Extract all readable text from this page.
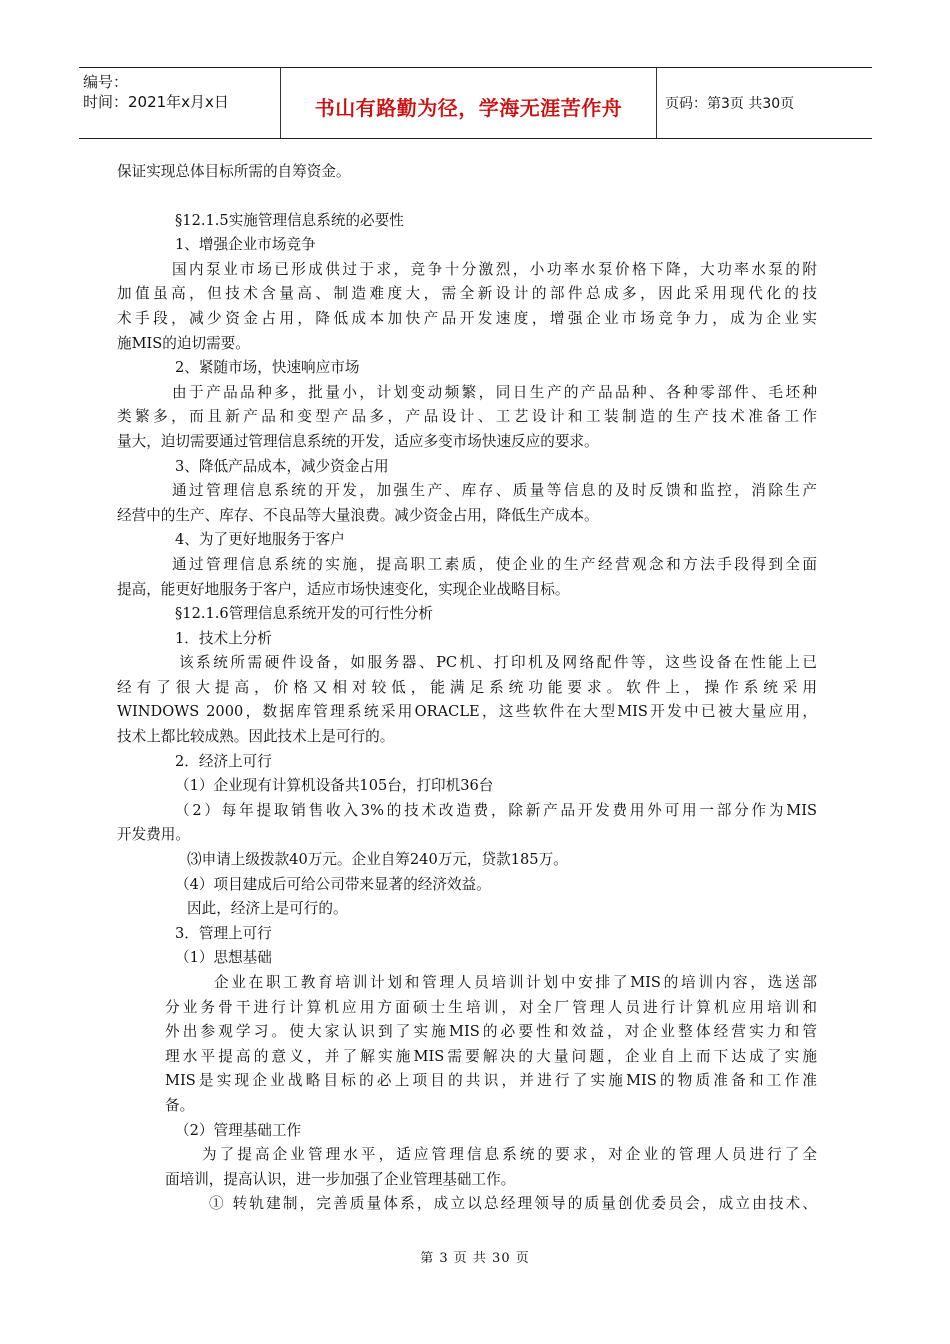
编号：
时间：2021年x月x日	书山有路勤为径，学海无涯苦作舟	页码：第3页 共30页

保证实现总体目标所需的自筹资金。

§12.1.5实施管理信息系统的必要性

1、增强企业市场竞争

国内泵业市场已形成供过于求，竞争十分激烈，小功率水泵价格下降，大功率水泵的附

加值虽高，但技术含量高、制造难度大，需全新设计的部件总成多，因此采用现代化的技

术手段，减少资金占用，降低成本加快产品开发速度，增强企业市场竞争力，成为企业实

施MIS的迫切需要。

2、紧随市场，快速响应市场

由于产品品种多，批量小，计划变动频繁，同日生产的产品品种、各种零部件、毛坯种

类繁多，而且新产品和变型产品多，产品设计、工艺设计和工装制造的生产技术准备工作

量大，迫切需要通过管理信息系统的开发，适应多变市场快速反应的要求。

3、降低产品成本，减少资金占用

通过管理信息系统的开发，加强生产、库存、质量等信息的及时反馈和监控，消除生产

经营中的生产、库存、不良品等大量浪费。减少资金占用，降低生产成本。

4、为了更好地服务于客户

通过管理信息系统的实施，提高职工素质，使企业的生产经营观念和方法手段得到全面

提高，能更好地服务于客户，适应市场快速变化，实现企业战略目标。

§12.1.6管理信息系统开发的可行性分析

1．技术上分析

该系统所需硬件设备，如服务器、PC机、打印机及网络配件等，这些设备在性能上已

经有了很大提高，价格又相对较低，能满足系统功能要求。软件上，操作系统采用

WINDOWS 2000，数据库管理系统采用ORACLE，这些软件在大型MIS开发中已被大量应用，

技术上都比较成熟。因此技术上是可行的。

2．经济上可行

（1）企业现有计算机设备共105台，打印机36台

（2）每年提取销售收入3%的技术改造费，除新产品开发费用外可用一部分作为MIS

开发费用。

⑶申请上级拨款40万元。企业自筹240万元，贷款185万。

（4）项目建成后可给公司带来显著的经济效益。

因此，经济上是可行的。

3．管理上可行

（1）思想基础

企业在职工教育培训计划和管理人员培训计划中安排了MIS的培训内容，选送部

分业务骨干进行计算机应用方面硕士生培训，对全厂管理人员进行计算机应用培训和

外出参观学习。使大家认识到了实施MIS的必要性和效益，对企业整体经营实力和管

理水平提高的意义，并了解实施MIS需要解决的大量问题，企业自上而下达成了实施

MIS是实现企业战略目标的必上项目的共识，并进行了实施MIS的物质准备和工作准

备。

（2）管理基础工作

为了提高企业管理水平，适应管理信息系统的要求，对企业的管理人员进行了全

面培训，提高认识，进一步加强了企业管理基础工作。

① 转轨建制，完善质量体系，成立以总经理领导的质量创优委员会，成立由技术、

第 3 页 共 30 页
